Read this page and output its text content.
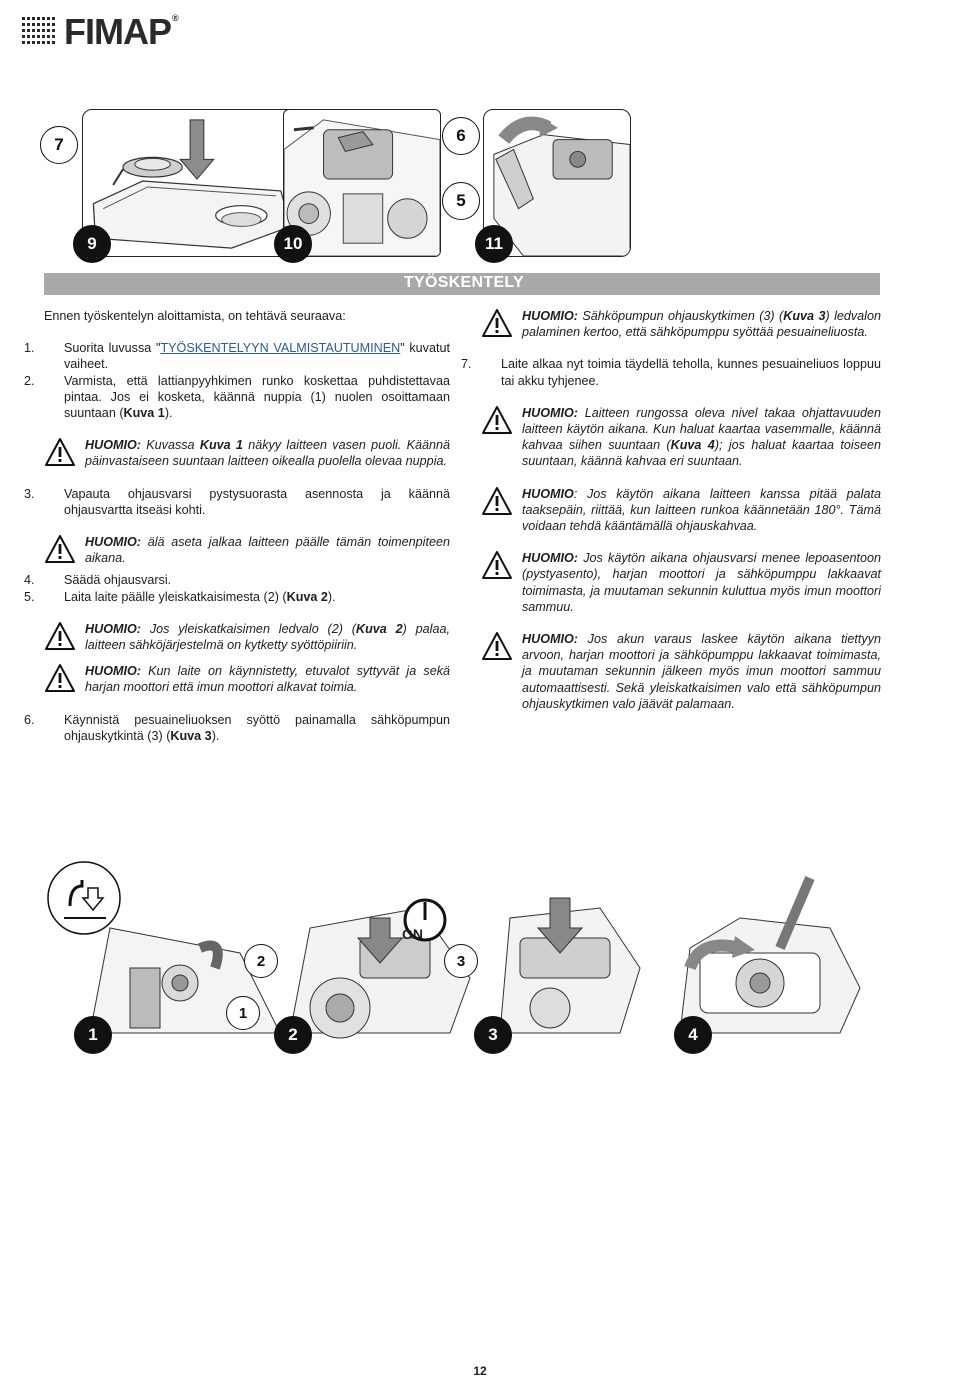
FIMAP®
7
9	10
6
5
11
TYÖSKENTELY
Ennen työskentelyn aloittamista, on tehtävä seuraava:
1. Suorita luvussa "TYÖSKENTELYYN VALMISTAUTUMINEN" kuvatut vaiheet.
2. Varmista, että lattianpyyhkimen runko koskettaa puhdistettavaa pintaa. Jos ei kosketa, käännä nuppia (1) nuolen osoittamaan suuntaan (Kuva 1).
HUOMIO: Kuvassa Kuva 1 näkyy laitteen vasen puoli. Käännä päinvastaiseen suuntaan laitteen oikealla puolella olevaa nuppia.
3. Vapauta ohjausvarsi pystysuorasta asennosta ja käännä ohjausvartta itseäsi kohti.
HUOMIO: älä aseta jalkaa laitteen päälle tämän toimenpiteen aikana.
4. Säädä ohjausvarsi.
5. Laita laite päälle yleiskatkaisimesta (2) (Kuva 2).
HUOMIO: Jos yleiskatkaisimen ledvalo (2) (Kuva 2) palaa, laitteen sähköjärjestelmä on kytketty syöttöpiiriin.
HUOMIO: Kun laite on käynnistetty, etuvalot syttyvät ja sekä harjan moottori että imun moottori alkavat toimia.
6. Käynnistä pesuaineliuoksen syöttö painamalla sähköpumpun ohjauskytkintä (3) (Kuva 3).
HUOMIO: Sähköpumpun ohjauskytkimen (3) (Kuva 3) ledvalon palaminen kertoo, että sähköpumppu syöttää pesuaineliuosta.
7. Laite alkaa nyt toimia täydellä teholla, kunnes pesuaineliuos loppuu tai akku tyhjenee.
HUOMIO: Laitteen rungossa oleva nivel takaa ohjattavuuden laitteen käytön aikana. Kun haluat kaartaa vasemmalle, käännä kahvaa siihen suuntaan (Kuva 4); jos haluat kaartaa toiseen suuntaan, käännä kahvaa eri suuntaan.
HUOMIO: Jos käytön aikana laitteen kanssa pitää palata taaksepäin, riittää, kun laitteen runkoa käännetään 180°. Tämä voidaan tehdä kääntämällä ohjauskahvaa.
HUOMIO: Jos käytön aikana ohjausvarsi menee lepoasentoon (pystyasento), harjan moottori ja sähköpumppu lakkaavat toimimasta, ja muutaman sekunnin kuluttua myös imun moottori sammuu.
HUOMIO: Jos akun varaus laskee käytön aikana tiettyyn arvoon, harjan moottori ja sähköpumppu lakkaavat toimimasta, ja muutaman sekunnin jälkeen myös imun moottori sammuu automaattisesti. Sekä yleiskatkaisimen valo että sähköpumpun ohjauskytkimen valo jäävät palamaan.
1	2	3	4
2
1
3
ON
12
